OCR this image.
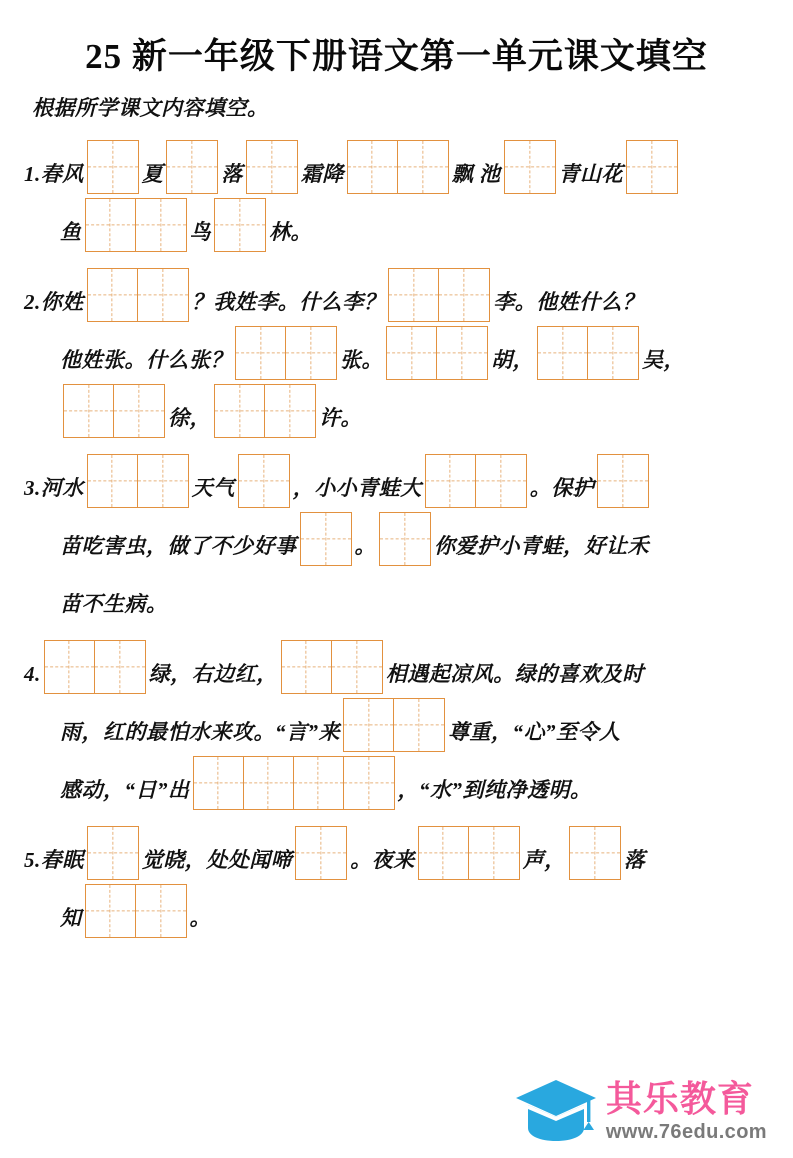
25 新一年级下册语文第一单元课文填空
根据所学课文内容填空。
1.春风	夏	落	霜降	飘 池	青山花
鱼	鸟	林。
2.你姓	？我姓李。什么李？	李。他姓什么？
他姓张。什么张？	张。	胡，	吴，
徐，	许。
3.河水	天气	，小小青蛙大	。保护
苗吃害虫，做了不少好事	。	你爱护小青蛙，好让禾
苗不生病。
4.	绿，右边红，	相遇起凉风。绿的喜欢及时
雨，红的最怕水来攻。“言”来	尊重，“心”至令人
感动，“日”出	，“水”到纯净透明。
5.春眠	觉晓，处处闻啼	。夜来	声，	落
知	。
其乐教育
www.76edu.com
